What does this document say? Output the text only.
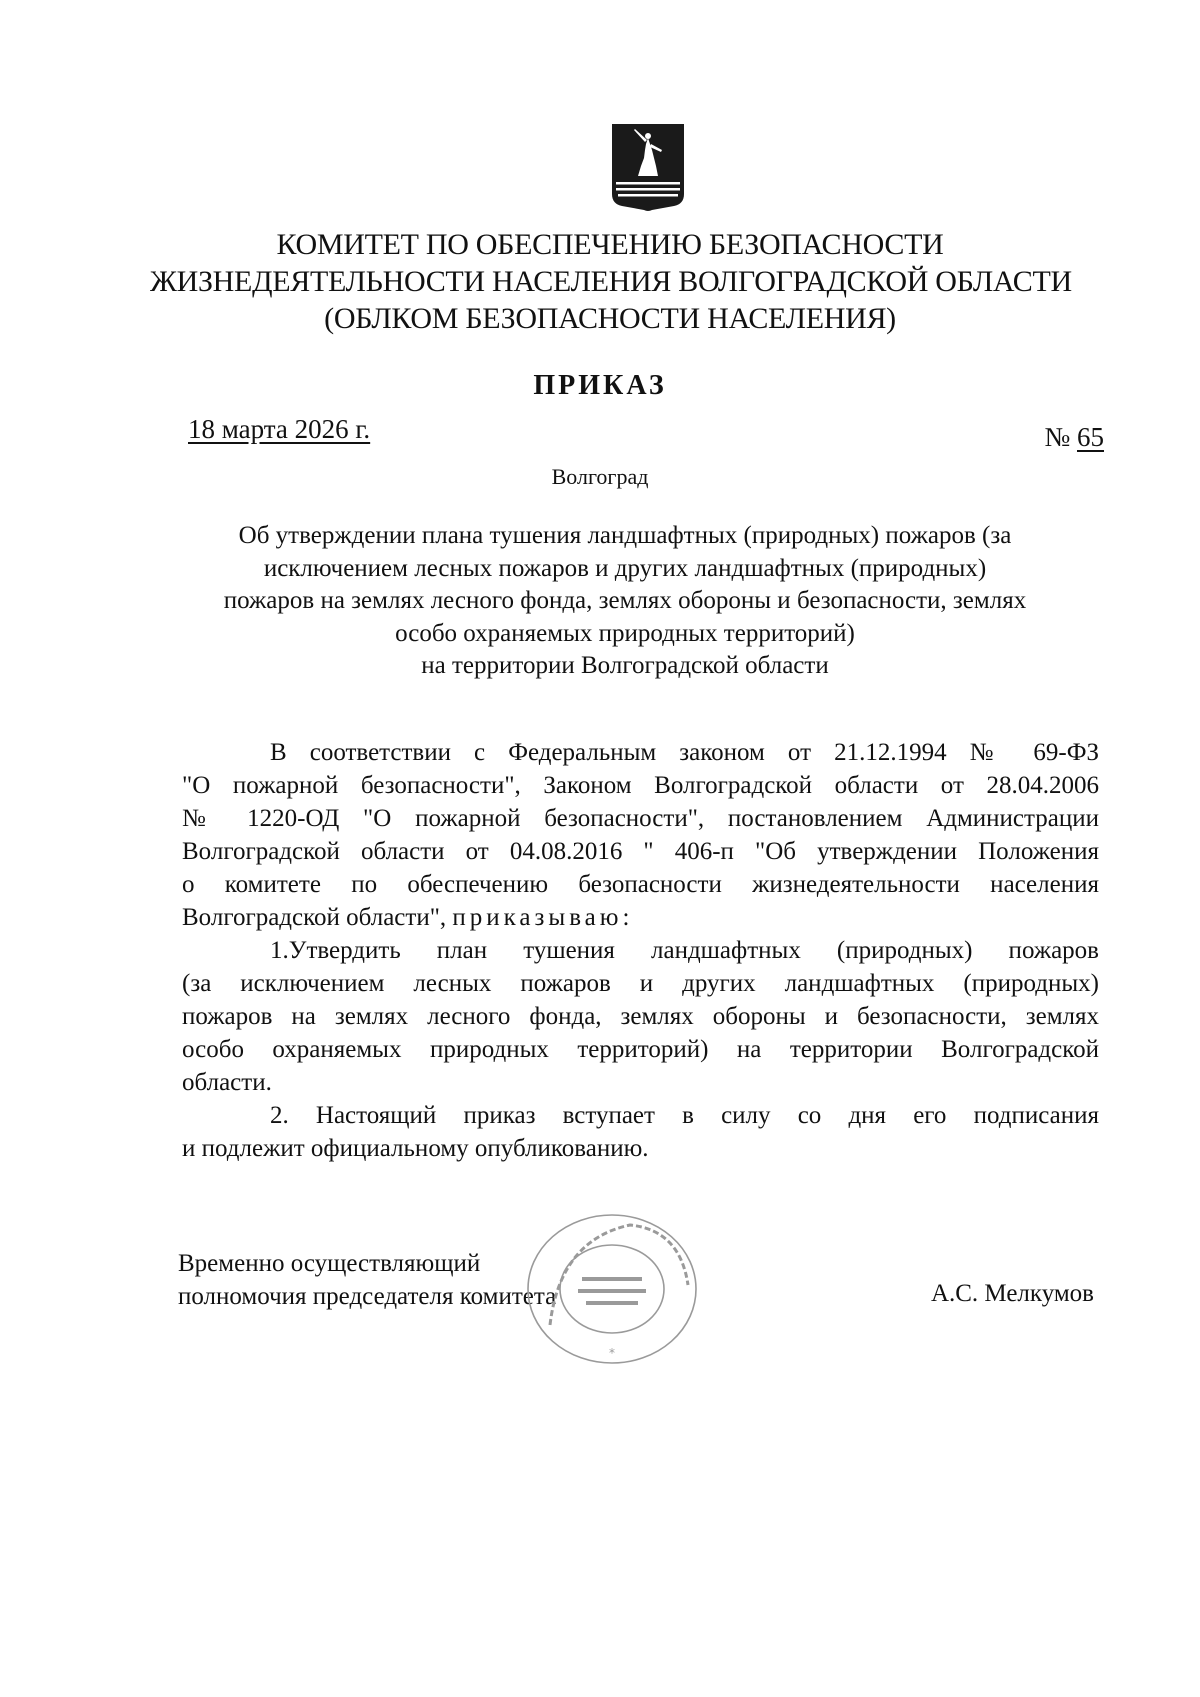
КОМИТЕТ ПО ОБЕСПЕЧЕНИЮ БЕЗОПАСНОСТИ
ЖИЗНЕДЕЯТЕЛЬНОСТИ НАСЕЛЕНИЯ ВОЛГОГРАДСКОЙ ОБЛАСТИ
(ОБЛКОМ БЕЗОПАСНОСТИ НАСЕЛЕНИЯ)
ПРИКАЗ
18 марта 2026 г.	№ 65
Волгоград
Об утверждении плана тушения ландшафтных (природных) пожаров (за
исключением лесных пожаров и других ландшафтных (природных)
пожаров на землях лесного фонда, землях обороны и безопасности, землях
особо охраняемых природных территорий)
на территории Волгоградской области
В соответствии с Федеральным законом от 21.12.1994 № 69-ФЗ
"О пожарной безопасности", Законом Волгоградской области от 28.04.2006
№ 1220-ОД "О пожарной безопасности", постановлением Администрации
Волгоградской области от 04.08.2016 " 406-п "Об утверждении Положения
о комитете по обеспечению безопасности жизнедеятельности населения
Волгоградской области", приказываю:
1.Утвердить план тушения ландшафтных (природных) пожаров
(за исключением лесных пожаров и других ландшафтных (природных)
пожаров на землях лесного фонда, землях обороны и безопасности, землях
особо охраняемых природных территорий) на территории Волгоградской
области.
2. Настоящий приказ вступает в силу со дня его подписания
и подлежит официальному опубликованию.
Временно осуществляющий
полномочия председателя комитета	А.С. Мелкумов
*
